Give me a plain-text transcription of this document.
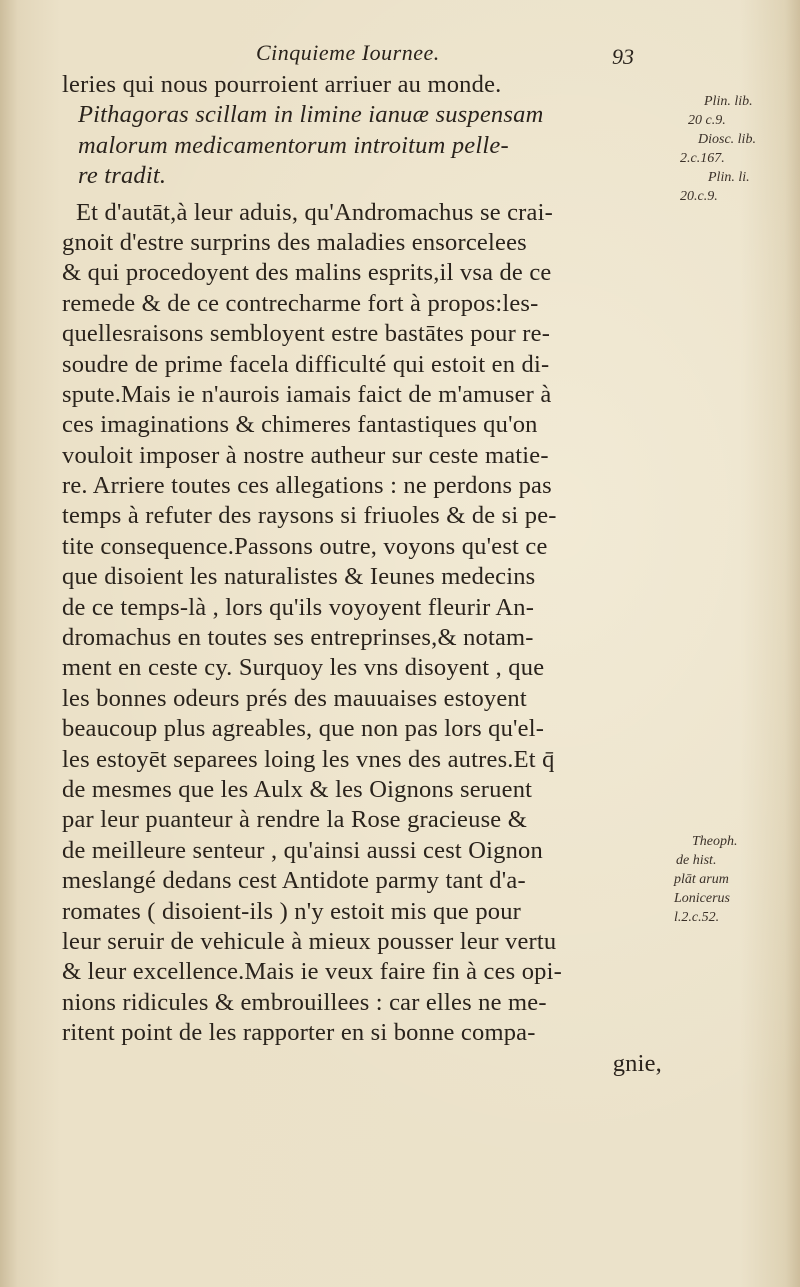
Cinquieme Iournee.	93
leries qui nous pourroient arriuer au monde.
Pithagoras scillam in limine ianuæ suspensam
malorum medicamentorum introitum pelle-
re tradit.
Et d'autāt,à leur aduis, qu'Andromachus se crai-
gnoit d'estre surprins des maladies ensorcelees
& qui procedoyent des malins esprits,il vsa de ce
remede & de ce contrecharme fort à propos:les-
quellesraisons sembloyent estre bastātes pour re-
soudre de prime facela difficulté qui estoit en di-
spute.Mais ie n'aurois iamais faict de m'amuser à
ces imaginations & chimeres fantastiques qu'on
vouloit imposer à nostre autheur sur ceste matie-
re. Arriere toutes ces allegations : ne perdons pas
temps à refuter des raysons si friuoles & de si pe-
tite consequence.Passons outre, voyons qu'est ce
que disoient les naturalistes & Ieunes medecins
de ce temps-là , lors qu'ils voyoyent fleurir An-
dromachus en toutes ses entreprinses,& notam-
ment en ceste cy. Surquoy les vns disoyent , que
les bonnes odeurs prés des mauuaises estoyent
beaucoup plus agreables, que non pas lors qu'el-
les estoyēt separees loing les vnes des autres.Et q̄
de mesmes que les Aulx & les Oignons seruent
par leur puanteur à rendre la Rose gracieuse &
de meilleure senteur , qu'ainsi aussi cest Oignon
meslangé dedans cest Antidote parmy tant d'a-
romates ( disoient-ils ) n'y estoit mis que pour
leur seruir de vehicule à mieux pousser leur vertu
& leur excellence.Mais ie veux faire fin à ces opi-
nions ridicules & embrouillees : car elles ne me-
ritent point de les rapporter en si bonne compa-
gnie,
Plin. lib.
20 c.9.
Diosc. lib.
2.c.167.
Plin. li.
20.c.9.
Theoph.
de hist.
plāt arum
Lonicerus
l.2.c.52.
